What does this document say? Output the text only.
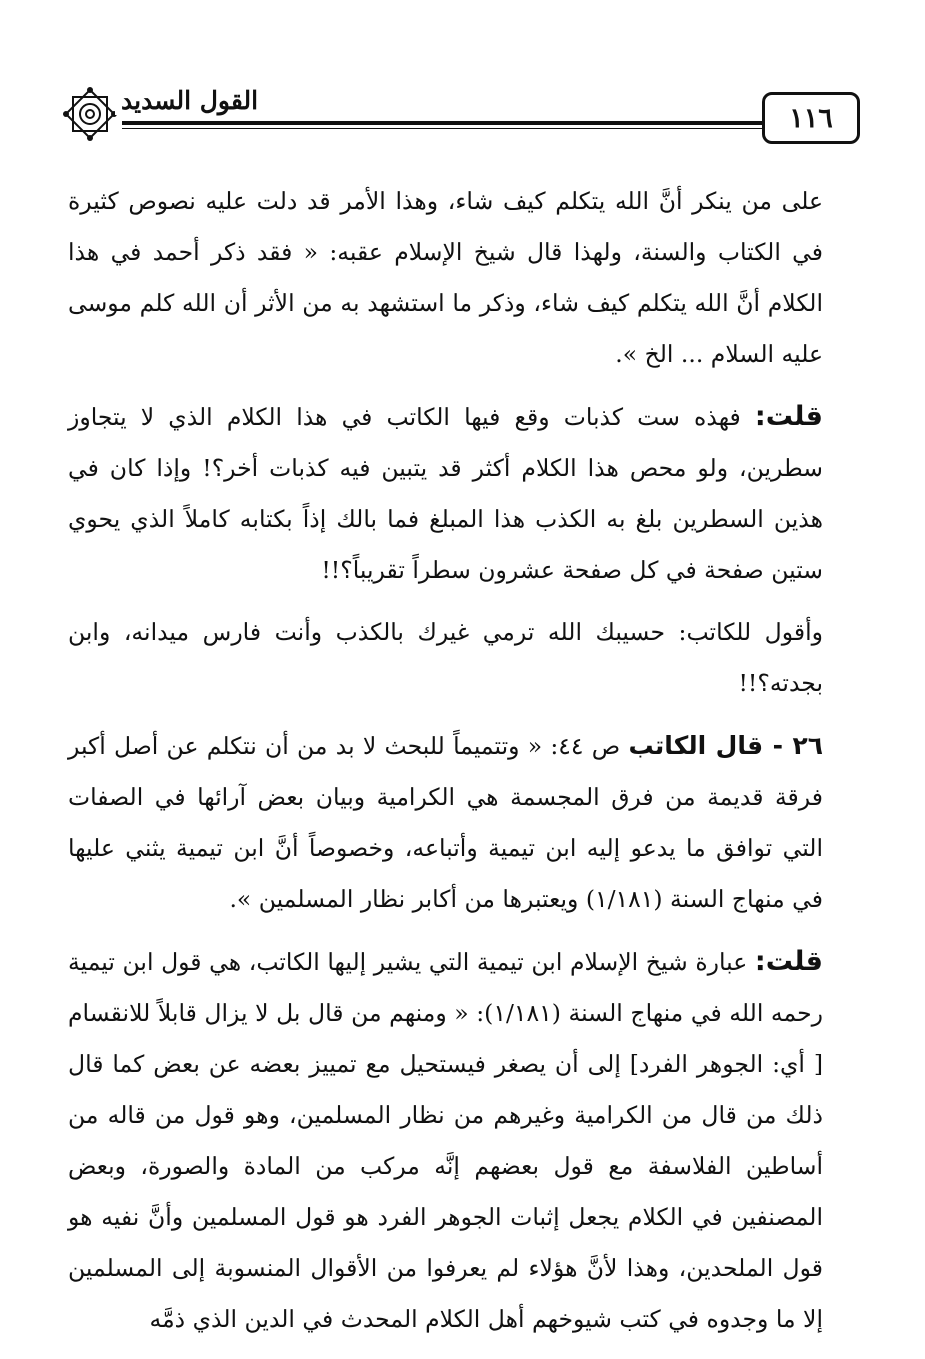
القول السديد
١١٦

على من ينكر أنَّ الله يتكلم كيف شاء، وهذا الأمر قد دلت عليه نصوص كثيرة في الكتاب والسنة، ولهذا قال شيخ الإسلام عقبه: « فقد ذكر أحمد في هذا الكلام أنَّ الله يتكلم كيف شاء، وذكر ما استشهد به من الأثر أن الله كلم موسى عليه السلام ... الخ ».

قلت: فهذه ست كذبات وقع فيها الكاتب في هذا الكلام الذي لا يتجاوز سطرين، ولو محص هذا الكلام أكثر قد يتبين فيه كذبات أخر؟! وإذا كان في هذين السطرين بلغ به الكذب هذا المبلغ فما بالك إذاً بكتابه كاملاً الذي يحوي ستين صفحة في كل صفحة عشرون سطراً تقريباً؟!!

وأقول للكاتب: حسيبك الله ترمي غيرك بالكذب وأنت فارس ميدانه، وابن بجدته؟!!

٢٦ - قال الكاتب ص ٤٤: « وتتميماً للبحث لا بد من أن نتكلم عن أصل أكبر فرقة قديمة من فرق المجسمة هي الكرامية وبيان بعض آرائها في الصفات التي توافق ما يدعو إليه ابن تيمية وأتباعه، وخصوصاً أنَّ ابن تيمية يثني عليها في منهاج السنة (١/١٨١) ويعتبرها من أكابر نظار المسلمين ».

قلت: عبارة شيخ الإسلام ابن تيمية التي يشير إليها الكاتب، هي قول ابن تيمية رحمه الله في منهاج السنة (١/١٨١): « ومنهم من قال بل لا يزال قابلاً للانقسام [ أي: الجوهر الفرد] إلى أن يصغر فيستحيل مع تمييز بعضه عن بعض كما قال ذلك من قال من الكرامية وغيرهم من نظار المسلمين، وهو قول من قاله من أساطين الفلاسفة مع قول بعضهم إنَّه مركب من المادة والصورة، وبعض المصنفين في الكلام يجعل إثبات الجوهر الفرد هو قول المسلمين وأنَّ نفيه هو قول الملحدين، وهذا لأنَّ هؤلاء لم يعرفوا من الأقوال المنسوبة إلى المسلمين إلا ما وجدوه في كتب شيوخهم أهل الكلام المحدث في الدين الذي ذمَّه
